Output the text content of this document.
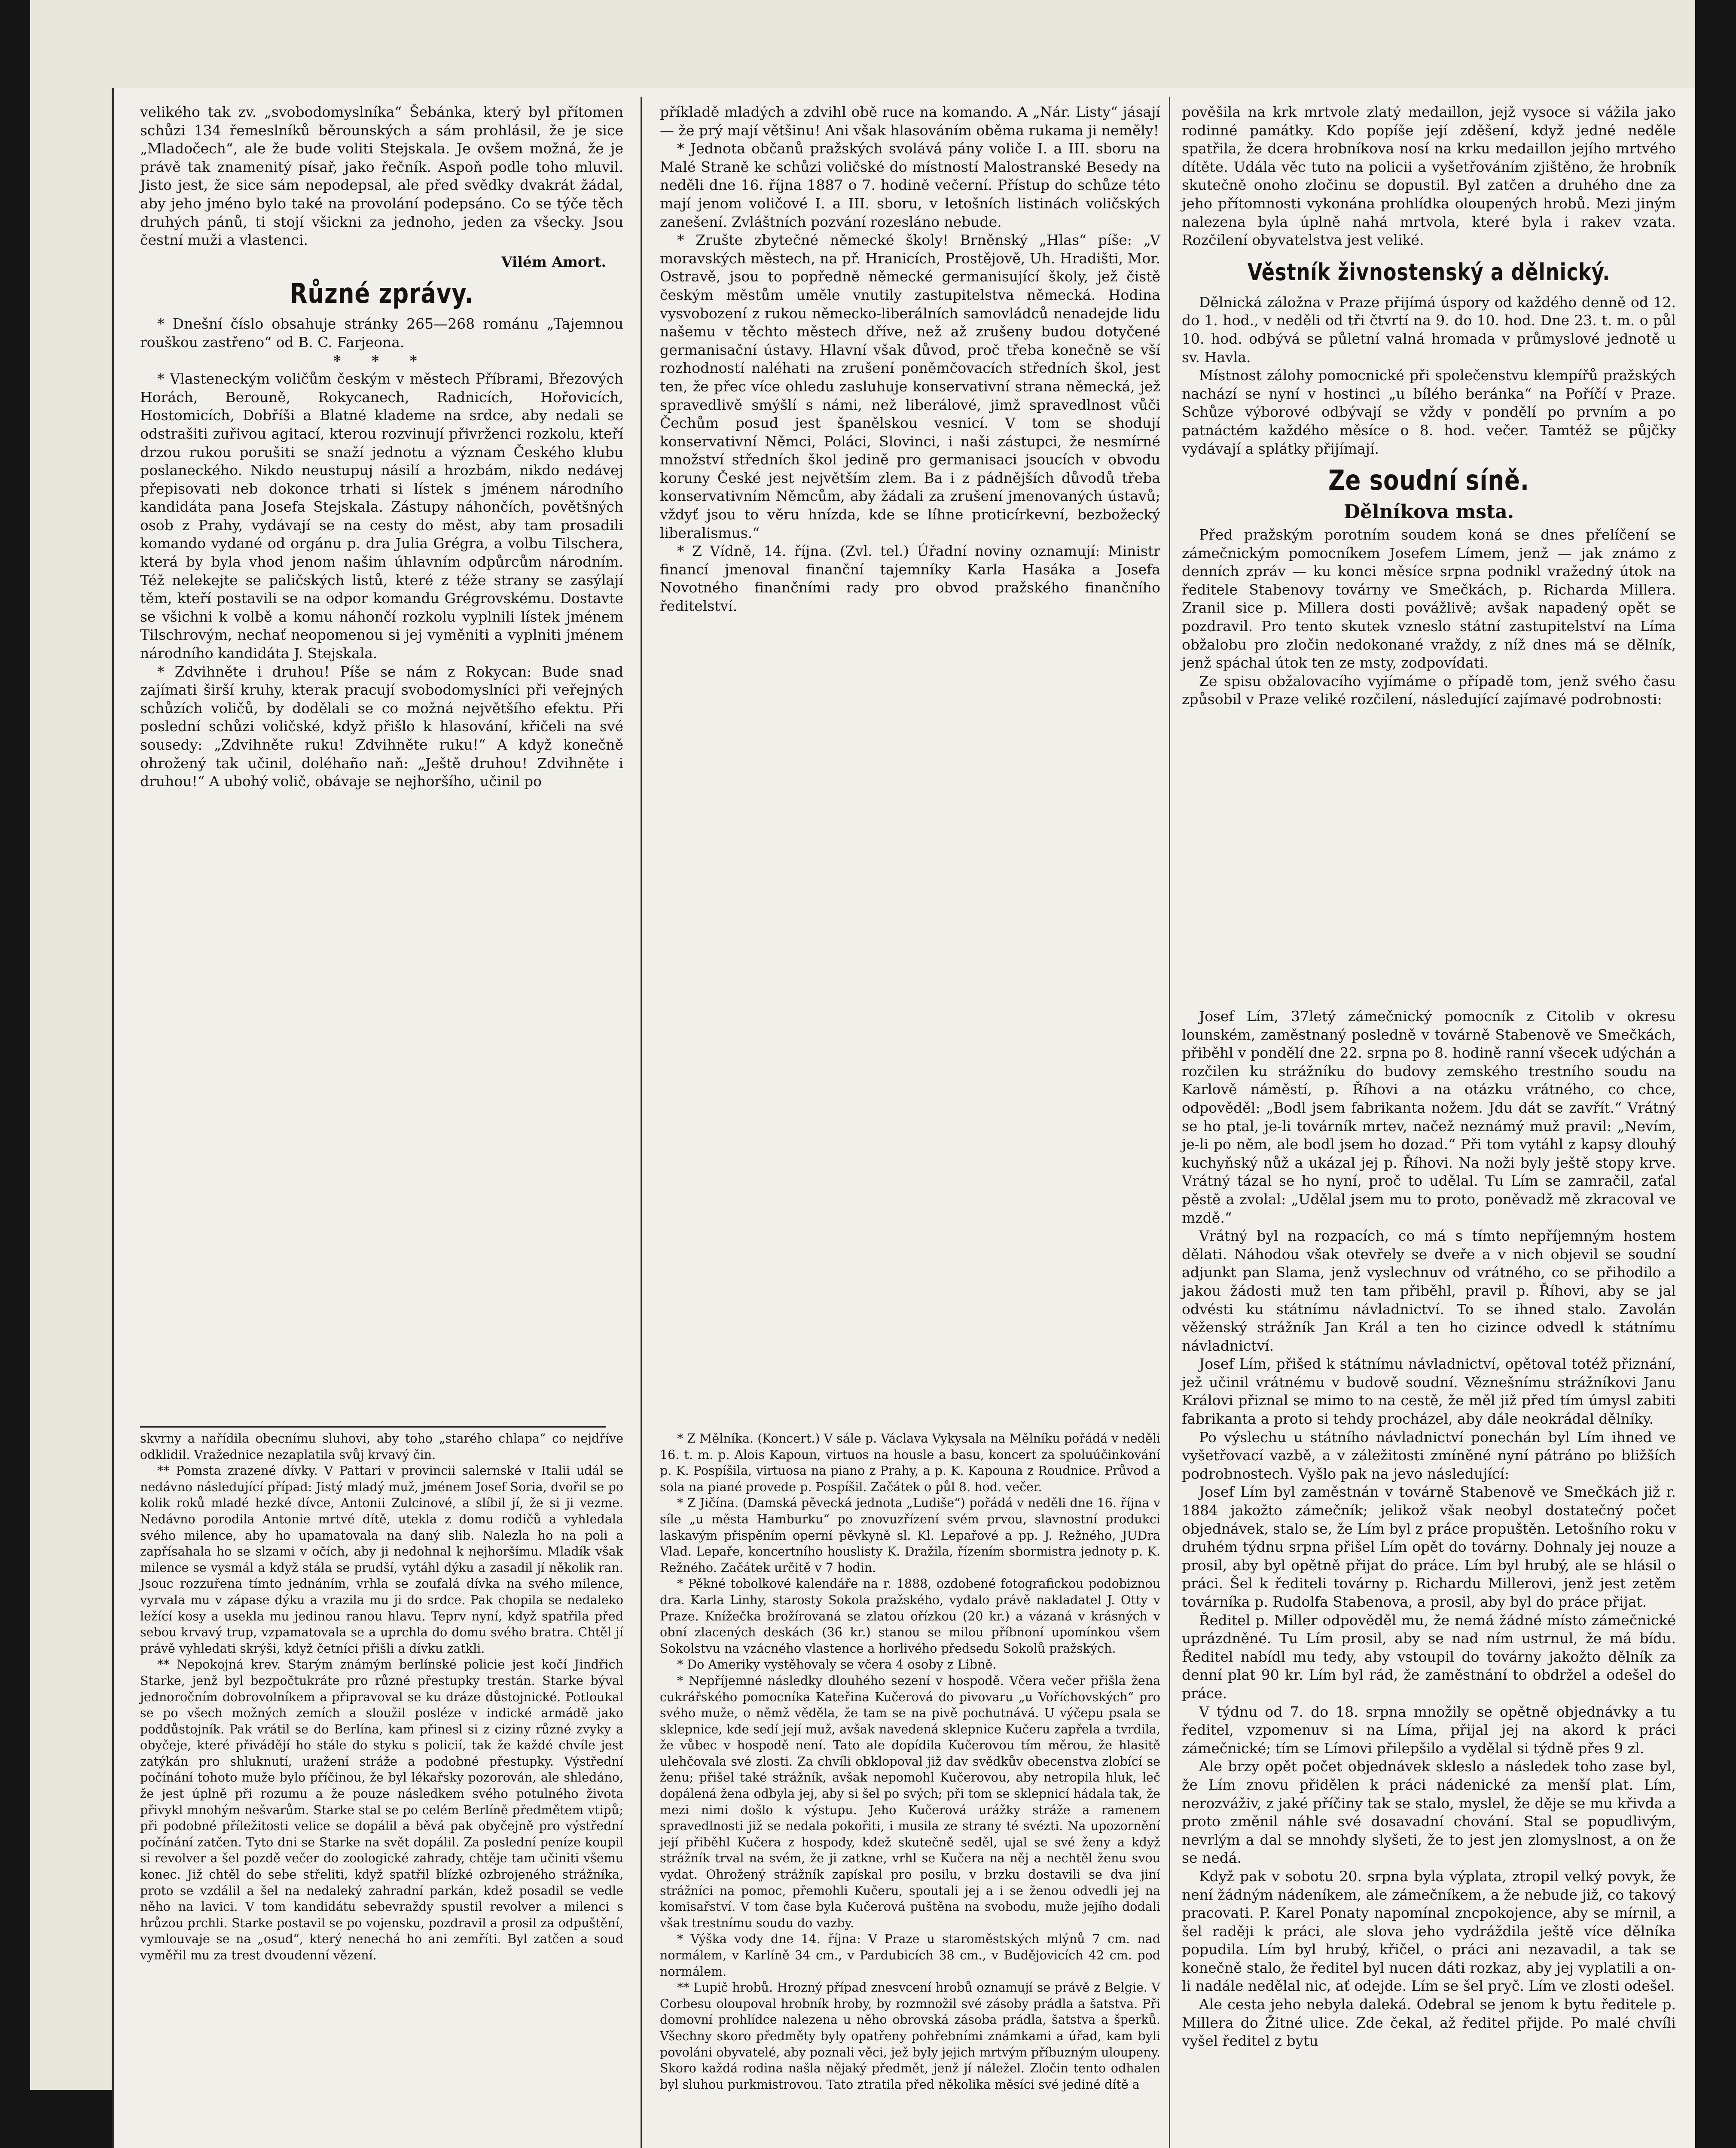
velikého tak zv. „svobodomyslníka“ Šebánka, který byl přítomen schůzi 134 řemeslníků běrounských a sám prohlásil, že je sice „Mladočech“, ale že bude voliti Stejskala. Je ovšem možná, že je právě tak znamenitý písař, jako řečník. Aspoň podle toho mluvil. Jisto jest, že sice sám nepodepsal, ale před svědky dvakrát žádal, aby jeho jméno bylo také na provolání podepsáno. Co se týče těch druhých pánů, ti stojí všickni za jednoho, jeden za všecky. Jsou čestní muži a vlastenci.

Vilém Amort.
Různé zprávy.

* Dnešní číslo obsahuje stránky 265—268 románu „Tajemnou rouškou zastřeno“ od B. C. Farjeona.

* * *

* Vlasteneckým voličům českým v městech Příbrami, Březových Horách, Berouně, Rokycanech, Radnicích, Hořovicích, Hostomicích, Dobříši a Blatné klademe na srdce, aby nedali se odstrašiti zuřivou agitací, kterou rozvinují přivrženci rozkolu, kteří drzou rukou porušiti se snaží jednotu a význam Českého klubu poslaneckého. Nikdo neustupuj násilí a hrozbám, nikdo nedávej přepisovati neb dokonce trhati si lístek s jménem národního kandidáta pana Josefa Stejskala. Zástupy náhončích, povětšných osob z Prahy, vydávají se na cesty do měst, aby tam prosadili komando vydané od orgánu p. dra Julia Grégra, a volbu Tilschera, která by byla vhod jenom našim úhlavním odpůrcům národním. Též nelekejte se paličských listů, které z téže strany se zasýlají těm, kteří postavili se na odpor komandu Grégrovskému. Dostavte se všichni k volbě a komu náhončí rozkolu vyplnili lístek jménem Tilschrovým, nechať neopomenou si jej vyměniti a vyplniti jménem národního kandidáta J. Stejskala.

* Zdvihněte i druhou! Píše se nám z Rokycan: Bude snad zajímati širší kruhy, kterak pracují svobodomyslníci při veřejných schůzích voličů, by dodělali se co možná největšího efektu. Při poslední schůzi voličské, když přišlo k hlasování, křičeli na své sousedy: „Zdvihněte ruku! Zdvihněte ruku!“ A když konečně ohrožený tak učinil, doléhaño naň: „Ještě druhou! Zdvihněte i druhou!“ A ubohý volič, obávaje se nejhoršího, učinil po

příkladě mladých a zdvihl obě ruce na komando. A „Nár. Listy“ jásají — že prý mají většinu! Ani však hlasováním oběma rukama ji neměly!

* Jednota občanů pražských svolává pány voliče I. a III. sboru na Malé Straně ke schůzi voličské do místností Malostranské Besedy na neděli dne 16. října 1887 o 7. hodině večerní. Přístup do schůze této mají jenom voličové I. a III. sboru, v letošních listinách voličských zanešení. Zvláštních pozvání rozesláno nebude.

* Zrušte zbytečné německé školy! Brněnský „Hlas“ píše: „V moravských městech, na př. Hranicích, Prostějově, Uh. Hradišti, Mor. Ostravě, jsou to popředně německé germanisující školy, jež čistě českým městům uměle vnutily zastupitelstva německá. Hodina vysvobození z rukou německo-liberálních samovládců nenadejde lidu našemu v těchto městech dříve, než až zrušeny budou dotyčené germanisační ústavy. Hlavní však důvod, proč třeba konečně se vší rozhodností naléhati na zrušení poněmčovacích středních škol, jest ten, že přec více ohledu zasluhuje konservativní strana německá, jež spravedlivě smýšlí s námi, než liberálové, jimž spravedlnost vůči Čechům posud jest španělskou vesnicí. V tom se shodují konservativní Němci, Poláci, Slovinci, i naši zástupci, že nesmírné množství středních škol jedině pro germanisaci jsoucích v obvodu koruny České jest největším zlem. Ba i z pádnějších důvodů třeba konservativním Němcům, aby žádali za zrušení jmenovaných ústavů; vždyť jsou to věru hnízda, kde se líhne proticírkevní, bezbožecký liberalismus.“

* Z Vídně, 14. října. (Zvl. tel.) Úřadní noviny oznamují: Ministr financí jmenoval finanční tajemníky Karla Hasáka a Josefa Novotného finančními rady pro obvod pražského finančního ředitelství.

pověšila na krk mrtvole zlatý medaillon, jejž vysoce si vážila jako rodinné památky. Kdo popíše její zděšení, když jedné neděle spatřila, že dcera hrobníkova nosí na krku medaillon jejího mrtvého dítěte. Udála věc tuto na policii a vyšetřováním zjištěno, že hrobník skutečně onoho zločinu se dopustil. Byl zatčen a druhého dne za jeho přítomnosti vykonána prohlídka oloupených hrobů. Mezi jiným nalezena byla úplně nahá mrtvola, které byla i rakev vzata. Rozčilení obyvatelstva jest veliké.

Věstník živnostenský a dělnický.

Dělnická záložna v Praze přijímá úspory od každého denně od 12. do 1. hod., v neděli od tři čtvrtí na 9. do 10. hod. Dne 23. t. m. o půl 10. hod. odbývá se půletní valná hromada v průmyslové jednotě u sv. Havla.

Místnost zálohy pomocnické při společenstvu klempířů pražských nachází se nyní v hostinci „u bílého beránka“ na Poříčí v Praze. Schůze výborové odbývají se vždy v pondělí po prvním a po patnáctém každého měsíce o 8. hod. večer. Tamtéž se půjčky vydávají a splátky přijímají.

Ze soudní síně.
Dělníkova msta.

Před pražským porotním soudem koná se dnes přelíčení se zámečnickým pomocníkem Josefem Límem, jenž — jak známo z denních zpráv — ku konci měsíce srpna podnikl vražedný útok na ředitele Stabenovy továrny ve Smečkách, p. Richarda Millera. Zranil sice p. Millera dosti povážlivě; avšak napadený opět se pozdravil. Pro tento skutek vzneslo státní zastupitelství na Líma obžalobu pro zločin nedokonané vraždy, z níž dnes má se dělník, jenž spáchal útok ten ze msty, zodpovídati.

Ze spisu obžalovacího vyjímáme o případě tom, jenž svého času způsobil v Praze veliké rozčilení, následující zajímavé podrobnosti:

skvrny a nařídila obecnímu sluhovi, aby toho „starého chlapa“ co nejdříve odklidil. Vražednice nezaplatila svůj krvavý čin.

** Pomsta zrazené dívky. V Pattari v provincii salernské v Italii udál se nedávno následující případ: Jistý mladý muž, jménem Josef Soria, dvořil se po kolik roků mladé hezké dívce, Antonii Zulcinové, a slíbil jí, že si ji vezme. Nedávno porodila Antonie mrtvé dítě, utekla z domu rodičů a vyhledala svého milence, aby ho upamatovala na daný slib. Nalezla ho na poli a zapřísahala ho se slzami v očích, aby ji nedohnal k nejhoršímu. Mladík však milence se vysmál a když stála se prudší, vytáhl dýku a zasadil jí několik ran. Jsouc rozzuřena tímto jednáním, vrhla se zoufalá dívka na svého milence, vyrvala mu v zápase dýku a vrazila mu ji do srdce. Pak chopila se nedaleko ležící kosy a usekla mu jedinou ranou hlavu. Teprv nyní, když spatřila před sebou krvavý trup, vzpamatovala se a uprchla do domu svého bratra. Chtěl jí právě vyhledati skrýši, když četníci přišli a dívku zatkli.

** Nepokojná krev. Starým známým berlínské policie jest kočí Jindřich Starke, jenž byl bezpočtukráte pro různé přestupky trestán. Starke býval jednoročním dobrovolníkem a připravoval se ku dráze důstojnické. Potloukal se po všech možných zemích a sloužil posléze v indické armádě jako poddůstojník. Pak vrátil se do Berlína, kam přinesl si z ciziny různé zvyky a obyčeje, které přivádějí ho stále do styku s policií, tak že každé chvíle jest zatýkán pro shluknutí, uražení stráže a podobné přestupky. Výstřední počínání tohoto muže bylo příčinou, že byl lékařsky pozorován, ale shledáno, že jest úplně při rozumu a že pouze následkem svého potulného života přivykl mnohým nešvarům. Starke stal se po celém Berlíně předmětem vtipů; při podobné příležitosti velice se dopálil a běvá pak obyčejně pro výstřední počínání zatčen. Tyto dni se Starke na svět dopálil. Za poslední peníze koupil si revolver a šel pozdě večer do zoologické zahrady, chtěje tam učiniti všemu konec. Již chtěl do sebe střeliti, když spatřil blízké ozbrojeného strážníka, proto se vzdálil a šel na nedaleký zahradní parkán, kdež posadil se vedle něho na lavici. V tom kandidátu sebevraždy spustil revolver a milenci s hrůzou prchli. Starke postavil se po vojensku, pozdravil a prosil za odpuštění, vymlouvaje se na „osud“, který nenechá ho ani zemříti. Byl zatčen a soud vyměřil mu za trest dvoudenní vězení.

* Z Mělníka. (Koncert.) V sále p. Václava Vykysala na Mělníku pořádá v neděli 16. t. m. p. Alois Kapoun, virtuos na housle a basu, koncert za spoluúčinkování p. K. Pospíšila, virtuosa na piano z Prahy, a p. K. Kapouna z Roudnice. Průvod a sola na piané provede p. Pospíšil. Začátek o půl 8. hod. večer.

* Z Jičína. (Damská pěvecká jednota „Ludiše“) pořádá v neděli dne 16. října v síle „u města Hamburku“ po znovuzřízení svém prvou, slavnostní produkci laskavým přispěním operní pěvkyně sl. Kl. Lepařové a pp. J. Režného, JUDra Vlad. Lepaře, koncertního houslisty K. Dražila, řízením sbormistra jednoty p. K. Režného. Začátek určitě v 7 hodin.

* Pěkné tobolkové kalendáře na r. 1888, ozdobené fotografickou podobiznou dra. Karla Linhy, starosty Sokola pražského, vydalo právě nakladatel J. Otty v Praze. Knížečka brožírovaná se zlatou ořízkou (20 kr.) a vázaná v krásných v obní zlacených deskách (36 kr.) stanou se milou příbnoní upomínkou všem Sokolstvu na vzácného vlastence a horlivého předsedu Sokolů pražských.

* Do Ameriky vystěhovaly se včera 4 osoby z Libně.

* Nepříjemné následky dlouhého sezení v hospodě. Včera večer přišla žena cukrářského pomocníka Kateřina Kučerová do pivovaru „u Voříchovských“ pro svého muže, o němž věděla, že tam se na pivě pochutnává. U výčepu psala se sklepnice, kde sedí její muž, avšak navedená sklepnice Kučeru zapřela a tvrdila, že vůbec v hospodě není. Tato ale dopídila Kučerovou tím měrou, že hlasitě ulehčovala své zlosti. Za chvíli obklopoval již dav svědkův obecenstva zlobící se ženu; přišel také strážník, avšak nepomohl Kučerovou, aby netropila hluk, leč dopálená žena odbyla jej, aby si šel po svých; při tom se sklepnicí hádala tak, že mezi nimi došlo k výstupu. Jeho Kučerová urážky stráže a ramenem spravedlnosti již se nedala pokořiti, i musila ze strany té svézti. Na upozornění její přiběhl Kučera z hospody, kdež skutečně seděl, ujal se své ženy a když strážník trval na svém, že ji zatkne, vrhl se Kučera na něj a nechtěl ženu svou vydat. Ohrožený strážník zapískal pro posilu, v brzku dostavili se dva jiní strážníci na pomoc, přemohli Kučeru, spoutali jej a i se ženou odvedli jej na komisařství. V tom čase byla Kučerová puštěna na svobodu, muže jejího dodali však trestnímu soudu do vazby.

* Výška vody dne 14. října: V Praze u staroměstských mlýnů 7 cm. nad normálem, v Karlíně 34 cm., v Pardubicích 38 cm., v Budějovicích 42 cm. pod normálem.

** Lupič hrobů. Hrozný případ znesvcení hrobů oznamují se právě z Belgie. V Corbesu oloupoval hrobník hroby, by rozmnožil své zásoby prádla a šatstva. Při domovní prohlídce nalezena u něho obrovská zásoba prádla, šatstva a šperků. Všechny skoro předměty byly opatřeny pohřebními známkami a úřad, kam byli povoláni obyvatelé, aby poznali věci, jež byly jejich mrtvým příbuzným uloupeny. Skoro každá rodina našla nějaký předmět, jenž jí náležel. Zločin tento odhalen byl sluhou purkmistrovou. Tato ztratila před několika měsíci své jediné dítě a

Josef Lím, 37letý zámečnický pomocník z Citolib v okresu lounském, zaměstnaný posledně v továrně Stabenově ve Smečkách, přiběhl v pondělí dne 22. srpna po 8. hodině ranní všecek udýchán a rozčilen ku strážníku do budovy zemského trestního soudu na Karlově náměstí, p. Říhovi a na otázku vrátného, co chce, odpověděl: „Bodl jsem fabrikanta nožem. Jdu dát se zavřít.“ Vrátný se ho ptal, je-li továrník mrtev, načež neznámý muž pravil: „Nevím, je-li po něm, ale bodl jsem ho dozad.“ Při tom vytáhl z kapsy dlouhý kuchyňský nůž a ukázal jej p. Říhovi. Na noži byly ještě stopy krve. Vrátný tázal se ho nyní, proč to udělal. Tu Lím se zamračil, zaťal pěstě a zvolal: „Udělal jsem mu to proto, poněvadž mě zkracoval ve mzdě.“

Vrátný byl na rozpacích, co má s tímto nepříjemným hostem dělati. Náhodou však otevřely se dveře a v nich objevil se soudní adjunkt pan Slama, jenž vyslechnuv od vrátného, co se přihodilo a jakou žádosti muž ten tam přiběhl, pravil p. Říhovi, aby se jal odvésti ku státnímu návladnictví. To se ihned stalo. Zavolán věženský strážník Jan Král a ten ho cizince odvedl k státnímu návladnictví.

Josef Lím, přišed k státnímu návladnictví, opětoval totéž přiznání, jež učinil vrátnému v budově soudní. Věznešnímu strážníkovi Janu Královi přiznal se mimo to na cestě, že měl již před tím úmysl zabiti fabrikanta a proto si tehdy procházel, aby dále neokrádal dělníky.

Po výslechu u státního návladnictví ponechán byl Lím ihned ve vyšetřovací vazbě, a v záležitosti zmíněné nyní pátráno po bližších podrobnostech. Vyšlo pak na jevo následující:

Josef Lím byl zaměstnán v továrně Stabenově ve Smečkách již r. 1884 jakožto zámečník; jelikož však neobyl dostatečný počet objednávek, stalo se, že Lím byl z práce propuštěn. Letošního roku v druhém týdnu srpna přišel Lím opět do továrny. Dohnaly jej nouze a prosil, aby byl opětně přijat do práce. Lím byl hrubý, ale se hlásil o práci. Šel k řediteli továrny p. Richardu Millerovi, jenž jest zetěm továrníka p. Rudolfa Stabenova, a prosil, aby byl do práce přijat.

Ředitel p. Miller odpověděl mu, že nemá žádné místo zámečnické uprázdněné. Tu Lím prosil, aby se nad ním ustrnul, že má bídu. Ředitel nabídl mu tedy, aby vstoupil do továrny jakožto dělník za denní plat 90 kr. Lím byl rád, že zaměstnání to obdržel a odešel do práce.

V týdnu od 7. do 18. srpna množily se opětně objednávky a tu ředitel, vzpomenuv si na Líma, přijal jej na akord k práci zámečnické; tím se Límovi přilepšilo a vydělal si týdně přes 9 zl.

Ale brzy opět počet objednávek skleslo a následek toho zase byl, že Lím znovu přidělen k práci nádenické za menší plat. Lím, nerozváživ, z jaké příčiny tak se stalo, myslel, že děje se mu křivda a proto změnil náhle své dosavadní chování. Stal se popudlivým, nevrlým a dal se mnohdy slyšeti, že to jest jen zlomyslnost, a on že se nedá.

Když pak v sobotu 20. srpna byla výplata, ztropil velký povyk, že není žádným nádeníkem, ale zámečníkem, a že nebude již, co takový pracovati. P. Karel Ponaty napomínal zncpokojence, aby se mírnil, a šel raději k práci, ale slova jeho vydráždila ještě více dělníka popudila. Lím byl hrubý, křičel, o práci ani nezavadil, a tak se konečně stalo, že ředitel byl nucen dáti rozkaz, aby jej vyplatili a on-li nadále nedělal nic, ať odejde. Lím se šel pryč. Lím ve zlosti odešel.

Ale cesta jeho nebyla daleká. Odebral se jenom k bytu ředitele p. Millera do Žitné ulice. Zde čekal, až ředitel přijde. Po malé chvíli vyšel ředitel z bytu
